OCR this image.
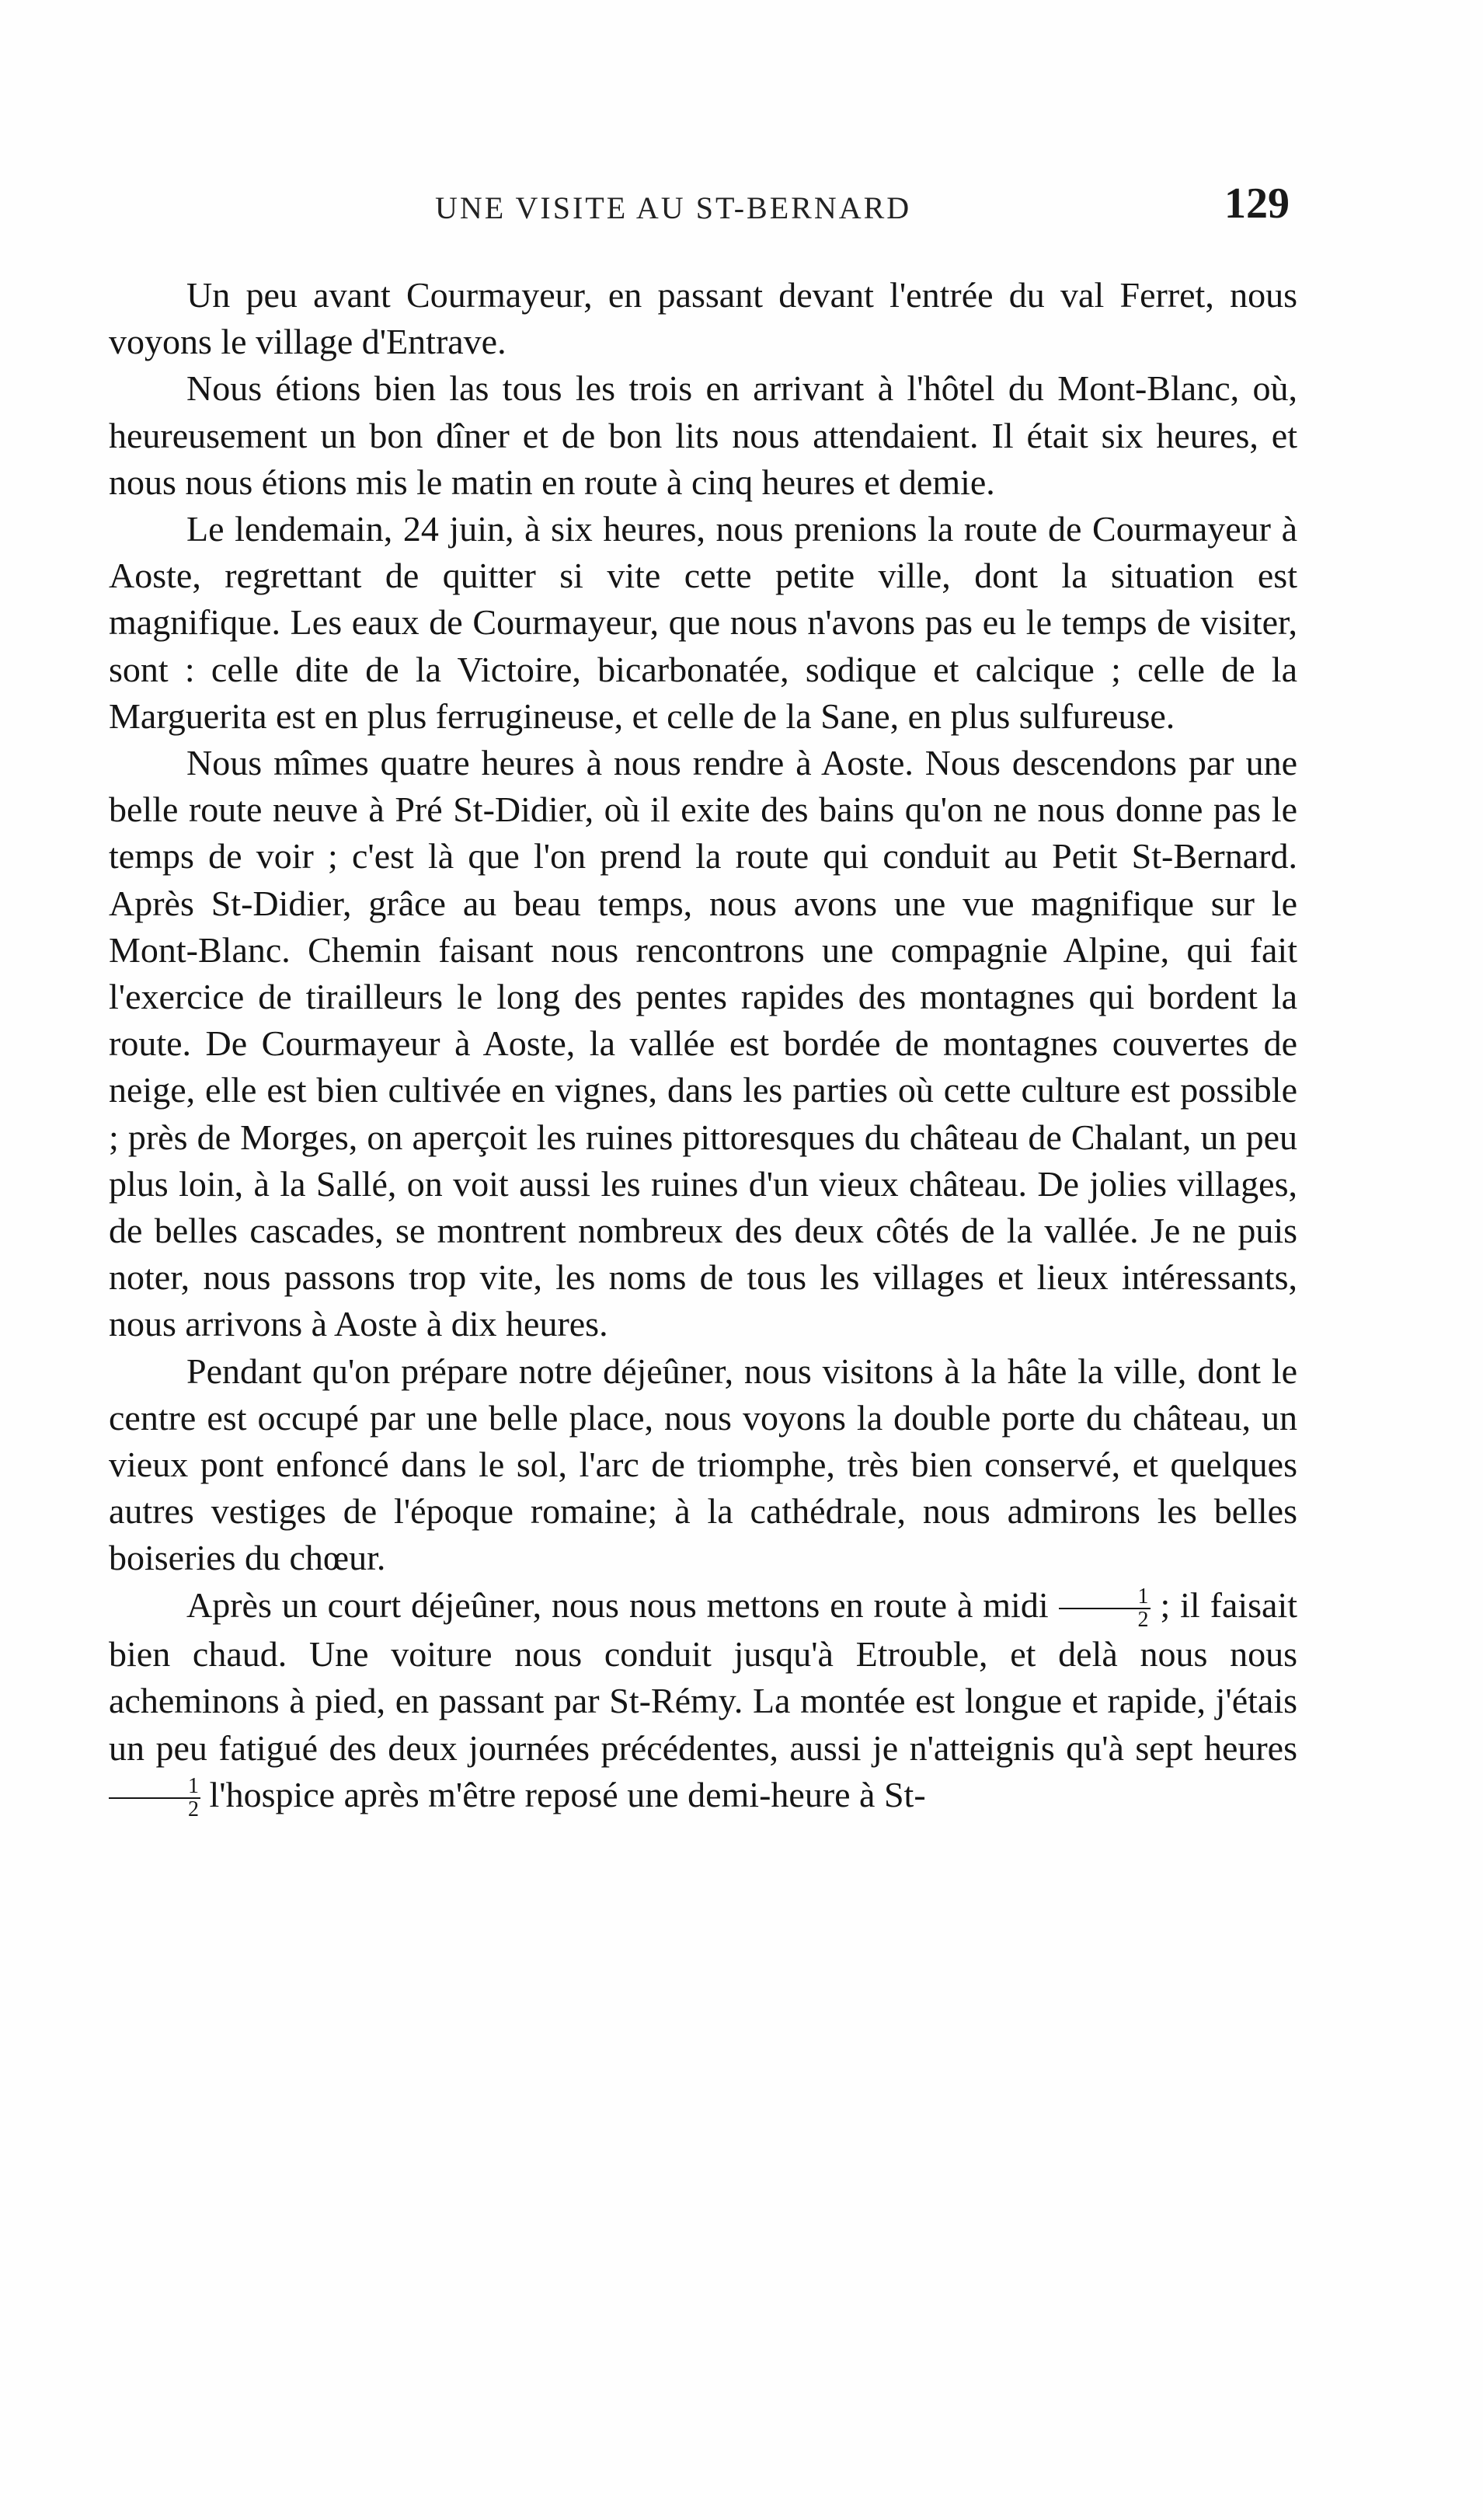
UNE VISITE AU ST-BERNARD	129

Un peu avant Courmayeur, en passant devant l'entrée du val Ferret, nous voyons le village d'Entrave.

Nous étions bien las tous les trois en arrivant à l'hôtel du Mont-Blanc, où, heureusement un bon dîner et de bon lits nous attendaient. Il était six heures, et nous nous étions mis le matin en route à cinq heures et demie.

Le lendemain, 24 juin, à six heures, nous prenions la route de Courmayeur à Aoste, regrettant de quitter si vite cette petite ville, dont la situation est magnifique. Les eaux de Courmayeur, que nous n'avons pas eu le temps de visiter, sont : celle dite de la Victoire, bicarbonatée, sodique et calcique ; celle de la Marguerita est en plus ferrugineuse, et celle de la Sane, en plus sulfureuse.

Nous mîmes quatre heures à nous rendre à Aoste. Nous descendons par une belle route neuve à Pré St-Didier, où il exite des bains qu'on ne nous donne pas le temps de voir ; c'est là que l'on prend la route qui conduit au Petit St-Bernard. Après St-Didier, grâce au beau temps, nous avons une vue magnifique sur le Mont-Blanc. Chemin faisant nous rencontrons une compagnie Alpine, qui fait l'exercice de tirailleurs le long des pentes rapides des montagnes qui bordent la route. De Courmayeur à Aoste, la vallée est bordée de montagnes couvertes de neige, elle est bien cultivée en vignes, dans les parties où cette culture est possible ; près de Morges, on aperçoit les ruines pittoresques du château de Chalant, un peu plus loin, à la Sallé, on voit aussi les ruines d'un vieux château. De jolies villages, de belles cascades, se montrent nombreux des deux côtés de la vallée. Je ne puis noter, nous passons trop vite, les noms de tous les villages et lieux intéressants, nous arrivons à Aoste à dix heures.

Pendant qu'on prépare notre déjeûner, nous visitons à la hâte la ville, dont le centre est occupé par une belle place, nous voyons la double porte du château, un vieux pont enfoncé dans le sol, l'arc de triomphe, très bien conservé, et quelques autres vestiges de l'époque romaine; à la cathédrale, nous admirons les belles boiseries du chœur.

Après un court déjeûner, nous nous mettons en route à midi $\frac{1}{2}$ ; il faisait bien chaud. Une voiture nous conduit jusqu'à Etrouble, et delà nous nous acheminons à pied, en passant par St-Rémy. La montée est longue et rapide, j'étais un peu fatigué des deux journées précédentes, aussi je n'atteignis qu'à sept heures
$\frac{1}{2}$ l'hospice après m'être reposé une demi-heure à St-
